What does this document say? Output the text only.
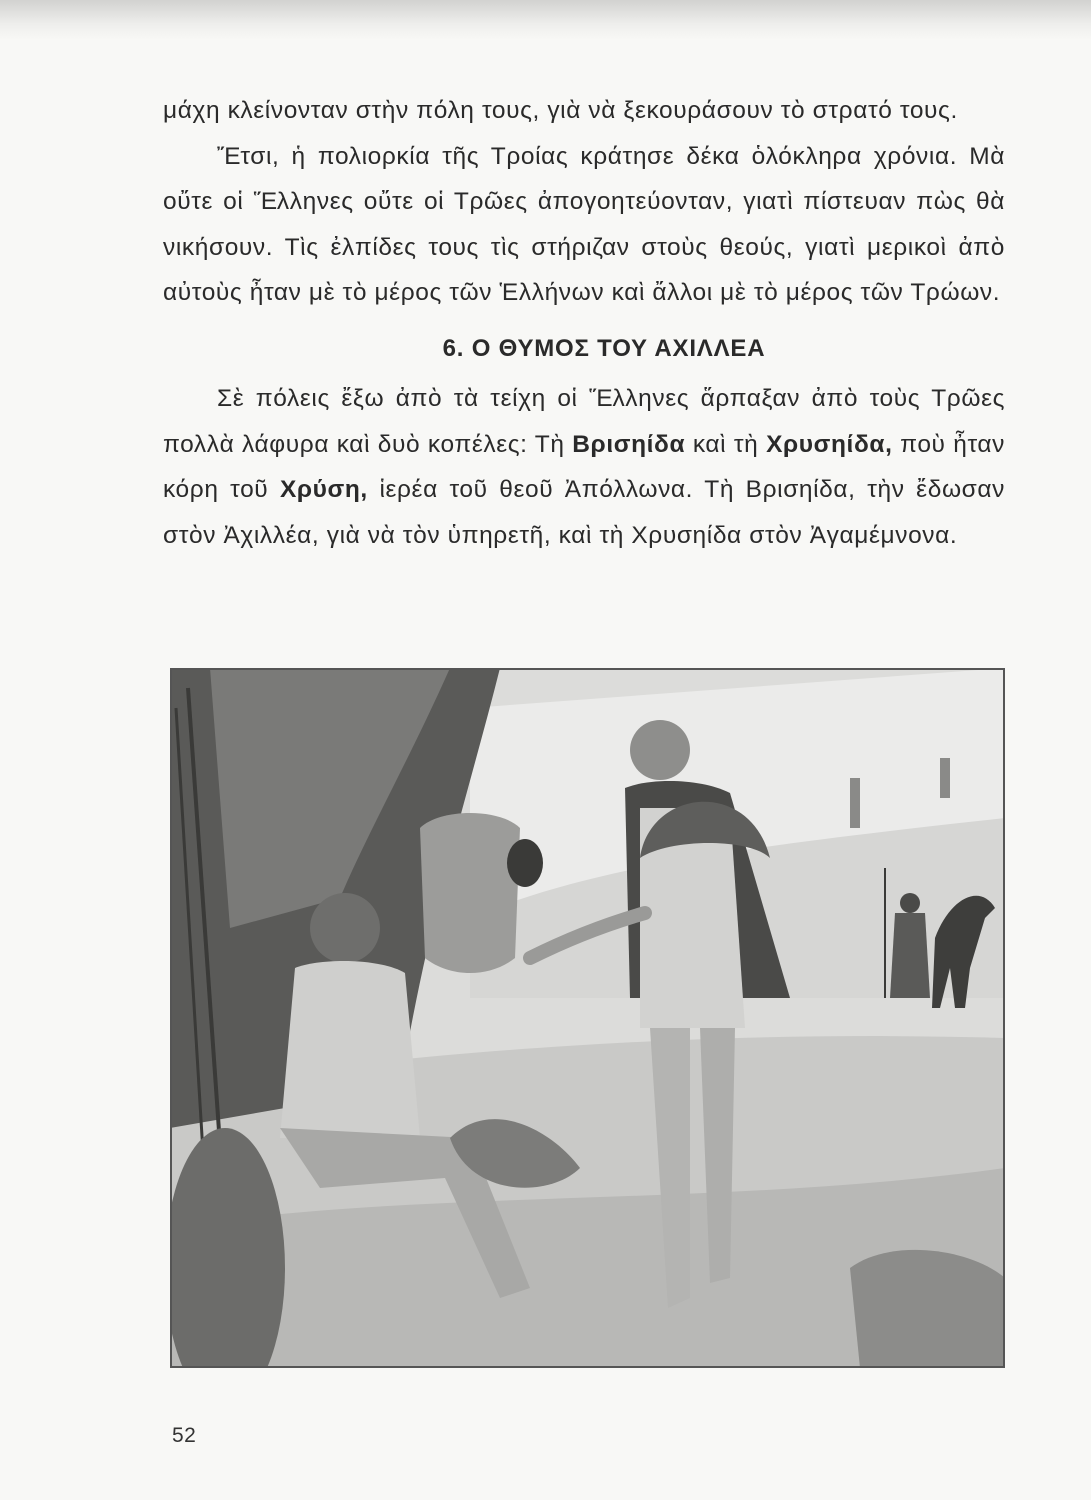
μάχη κλείνονταν στὴν πόλη τους, γιὰ νὰ ξεκουράσουν τὸ στρατό τους.

Ἔτσι, ἡ πολιορκία τῆς Τροίας κράτησε δέκα ὁλόκληρα χρόνια. Μὰ οὔτε οἱ Ἕλληνες οὔτε οἱ Τρῶες ἀπογοητεύονταν, γιατὶ πίστευαν πὼς θὰ νικήσουν. Τὶς ἐλπίδες τους τὶς στήριζαν στοὺς θεούς, γιατὶ μερικοὶ ἀπὸ αὐτοὺς ἦταν μὲ τὸ μέρος τῶν Ἑλλήνων καὶ ἄλλοι μὲ τὸ μέρος τῶν Τρώων.

6. Ο ΘΥΜΟΣ ΤΟΥ ΑΧΙΛΛΕΑ

Σὲ πόλεις ἔξω ἀπὸ τὰ τείχη οἱ Ἕλληνες ἅρπαξαν ἀπὸ τοὺς Τρῶες πολλὰ λάφυρα καὶ δυὸ κοπέλες: Τὴ Βρισηίδα καὶ τὴ Χρυσηίδα, ποὺ ἦταν κόρη τοῦ Χρύση, ἱερέα τοῦ θεοῦ Ἀπόλλωνα. Τὴ Βρισηίδα, τὴν ἔδωσαν στὸν Ἀχιλλέα, γιὰ νὰ τὸν ὑπηρετῆ, καὶ τὴ Χρυσηίδα στὸν Ἀγαμέμνονα.

52
